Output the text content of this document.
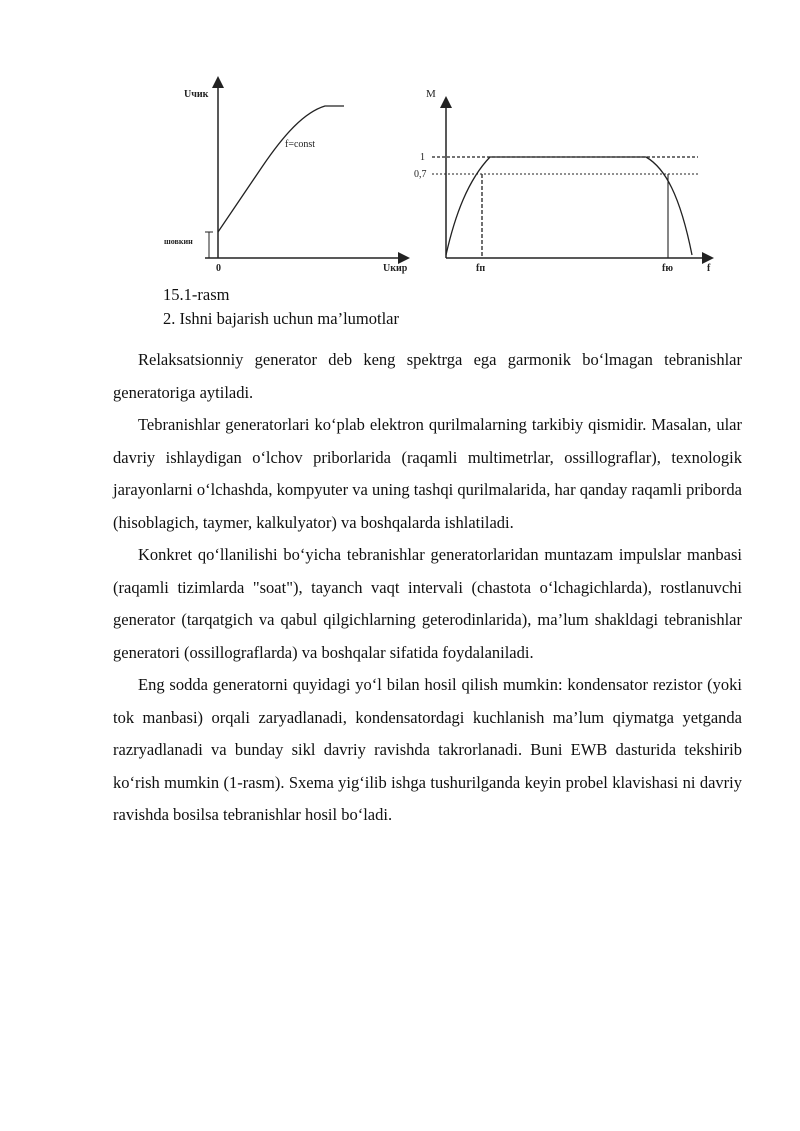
Uчик
Uкир
0
f=const
шовкин
M
1
0,7
fп	fю	f
15.1-rasm
2. Ishni bajarish uchun ma’lumotlar

Relaksatsionniy generator deb keng spektrga ega garmonik bo‘lmagan tebranishlar generatoriga aytiladi.

Tebranishlar generatorlari ko‘plab elektron qurilmalarning tarkibiy qismidir. Masalan, ular davriy ishlaydigan o‘lchov priborlarida (raqamli multimetrlar, ossillograflar), texnologik jarayonlarni o‘lchashda, kompyuter va uning tashqi qurilmalarida, har qanday raqamli priborda (hisoblagich, taymer, kalkulyator) va boshqalarda ishlatiladi.

Konkret qo‘llanilishi bo‘yicha tebranishlar generatorlaridan muntazam impulslar manbasi (raqamli tizimlarda "soat"), tayanch vaqt intervali (chastota o‘lchagichlarda), rostlanuvchi generator (tarqatgich va qabul qilgichlarning geterodinlarida), ma’lum shakldagi tebranishlar generatori (ossillograflarda) va boshqalar sifatida foydalaniladi.

Eng sodda generatorni quyidagi yo‘l bilan hosil qilish mumkin: kondensator rezistor (yoki tok manbasi) orqali zaryadlanadi, kondensatordagi kuchlanish ma’lum qiymatga yetganda razryadlanadi va bunday sikl davriy ravishda takrorlanadi. Buni EWB dasturida tekshirib ko‘rish mumkin (1-rasm). Sxema yig‘ilib ishga tushurilganda keyin probel klavishasi ni davriy ravishda bosilsa tebranishlar hosil bo‘ladi.
